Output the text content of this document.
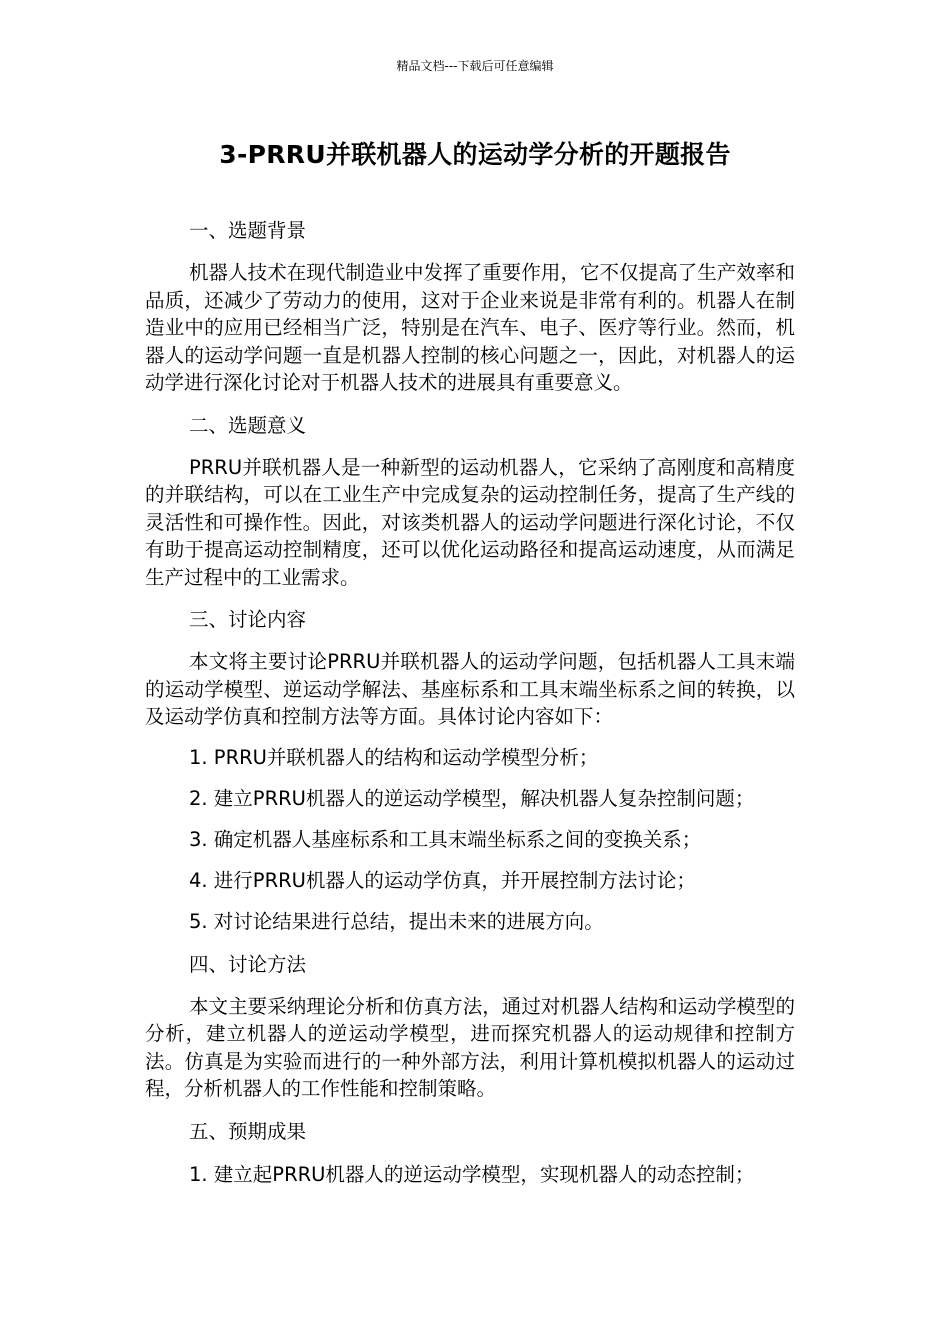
精品文档---下载后可任意编辑
3-PRRU并联机器人的运动学分析的开题报告
一、选题背景

机器人技术在现代制造业中发挥了重要作用，它不仅提高了生产效率和品质，还减少了劳动力的使用，这对于企业来说是非常有利的。机器人在制造业中的应用已经相当广泛，特别是在汽车、电子、医疗等行业。然而，机器人的运动学问题一直是机器人控制的核心问题之一，因此，对机器人的运动学进行深化讨论对于机器人技术的进展具有重要意义。

二、选题意义

PRRU并联机器人是一种新型的运动机器人，它采纳了高刚度和高精度的并联结构，可以在工业生产中完成复杂的运动控制任务，提高了生产线的灵活性和可操作性。因此，对该类机器人的运动学问题进行深化讨论，不仅有助于提高运动控制精度，还可以优化运动路径和提高运动速度，从而满足生产过程中的工业需求。

三、讨论内容

本文将主要讨论PRRU并联机器人的运动学问题，包括机器人工具末端的运动学模型、逆运动学解法、基座标系和工具末端坐标系之间的转换，以及运动学仿真和控制方法等方面。具体讨论内容如下：

1. PRRU并联机器人的结构和运动学模型分析；
2. 建立PRRU机器人的逆运动学模型，解决机器人复杂控制问题；
3. 确定机器人基座标系和工具末端坐标系之间的变换关系；
4. 进行PRRU机器人的运动学仿真，并开展控制方法讨论；
5. 对讨论结果进行总结，提出未来的进展方向。
四、讨论方法

本文主要采纳理论分析和仿真方法，通过对机器人结构和运动学模型的分析，建立机器人的逆运动学模型，进而探究机器人的运动规律和控制方法。仿真是为实验而进行的一种外部方法，利用计算机模拟机器人的运动过程，分析机器人的工作性能和控制策略。

五、预期成果
1. 建立起PRRU机器人的逆运动学模型，实现机器人的动态控制；
